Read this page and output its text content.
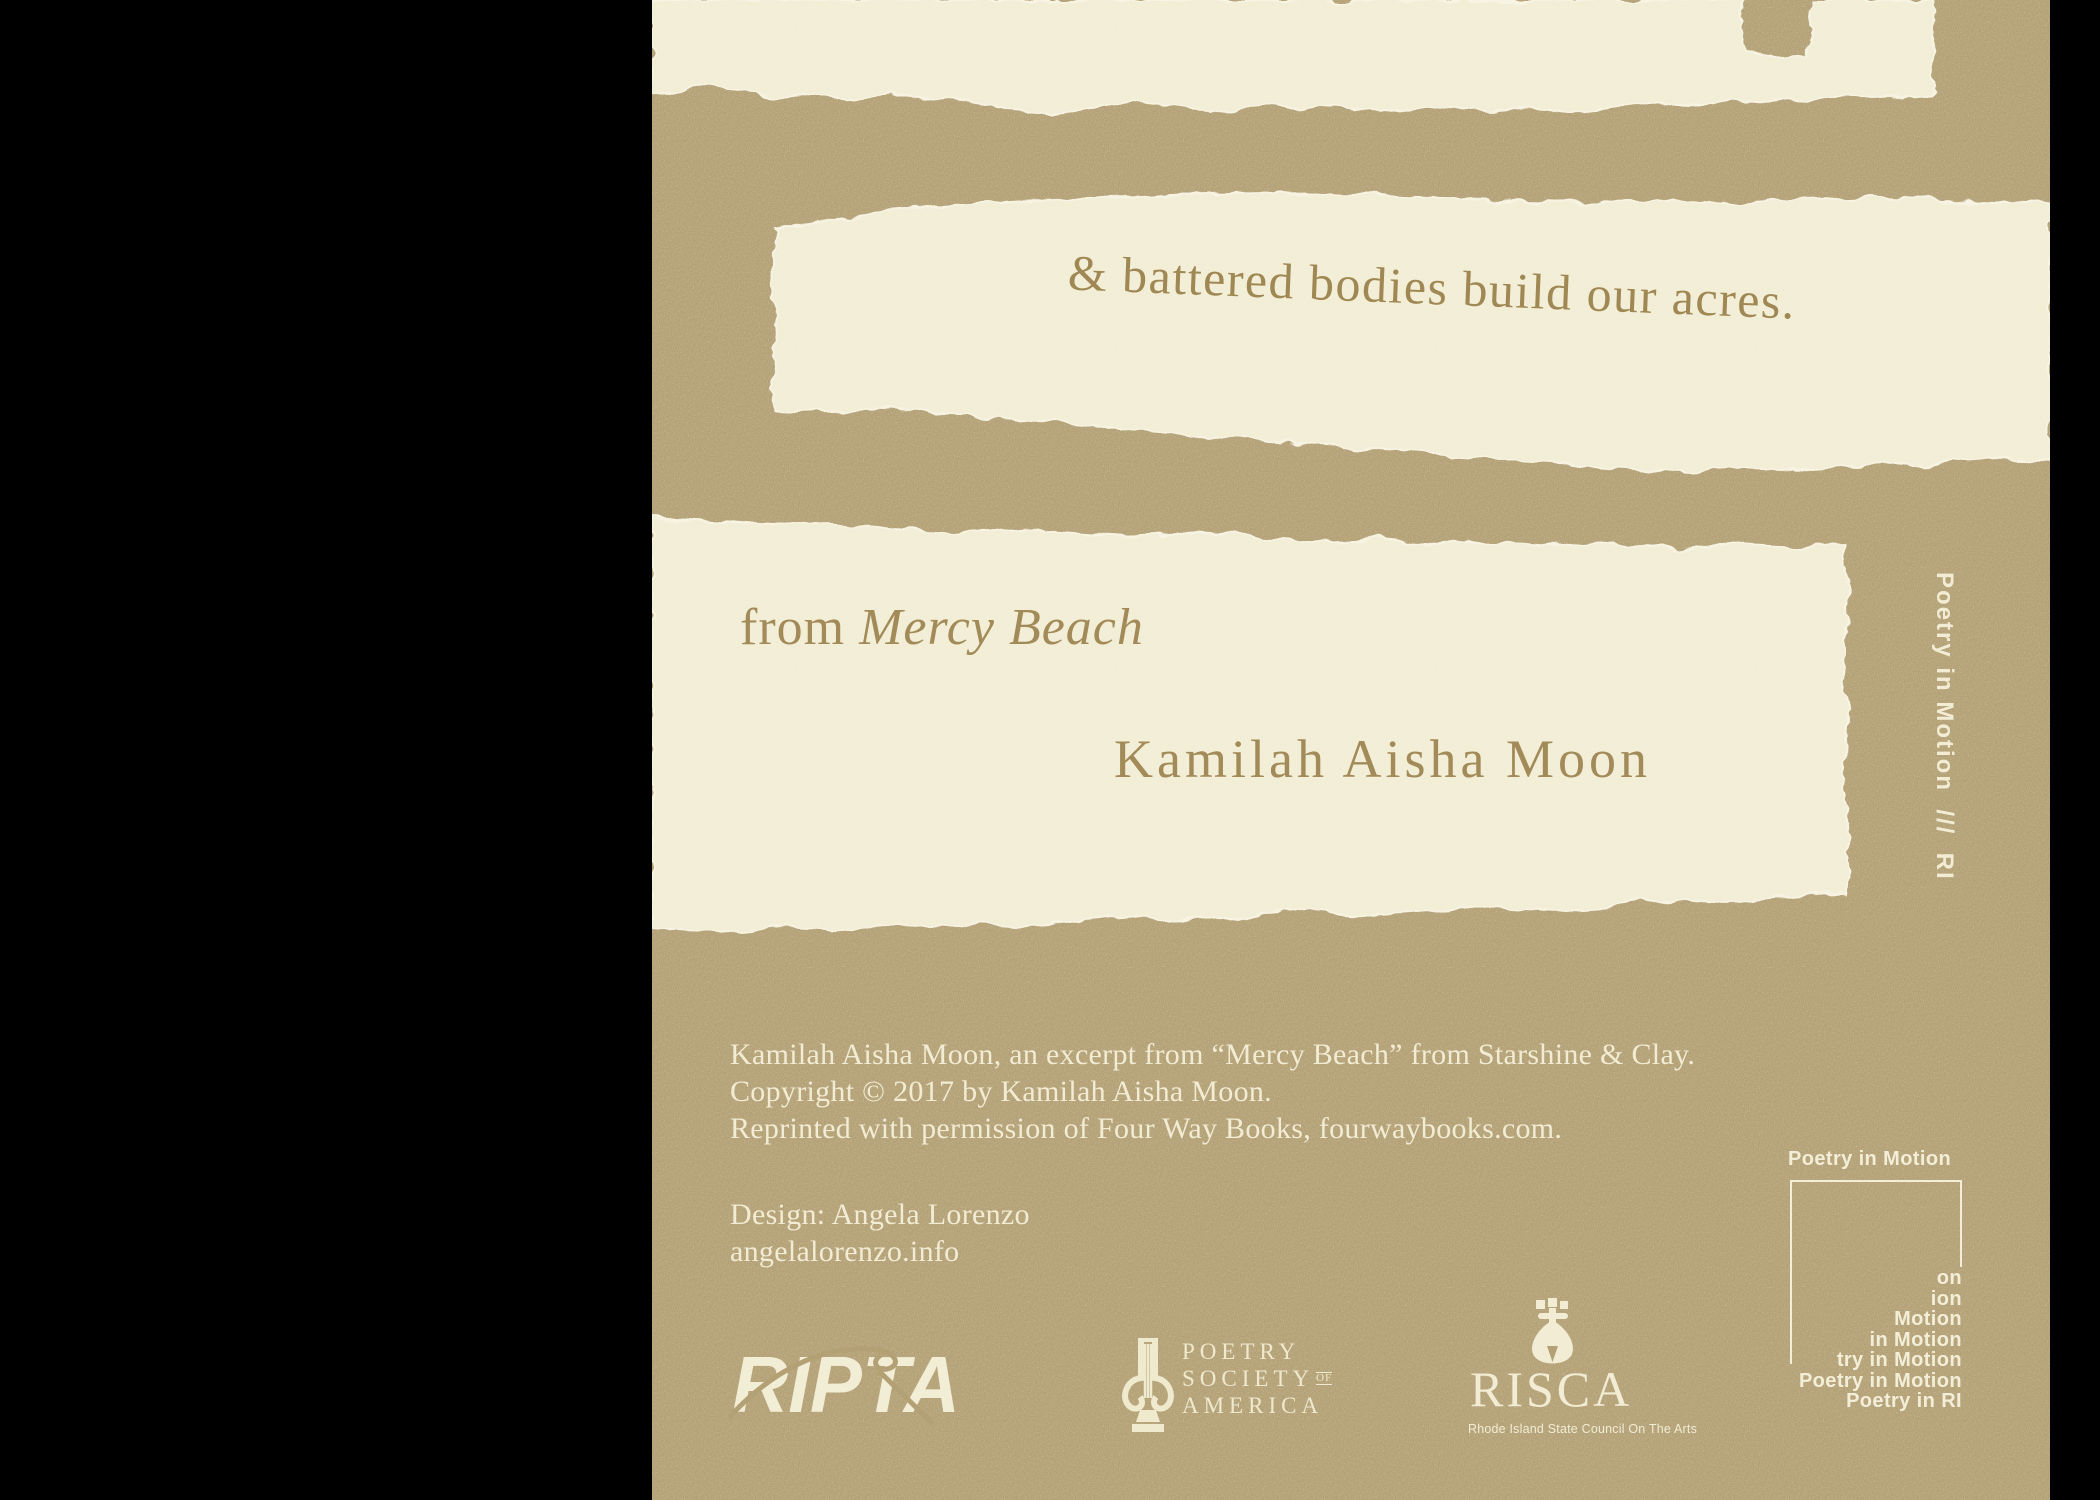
& battered bodies build our acres.
from Mercy Beach
Kamilah Aisha Moon	Poetry in Motion  ///  RI
Kamilah Aisha Moon, an excerpt from “Mercy Beach” from Starshine & Clay.
Copyright © 2017 by Kamilah Aisha Moon.
Reprinted with permission of Four Way Books, fourwaybooks.com.
Design: Angela Lorenzo
angelalorenzo.info
RIPTA	POETRY
SOCIETY OF
AMERICA	RISCA
Rhode Island State Council On The Arts
Poetry in Motion
on
ion
Motion
in Motion
try in Motion
Poetry in Motion
Poetry in RI
